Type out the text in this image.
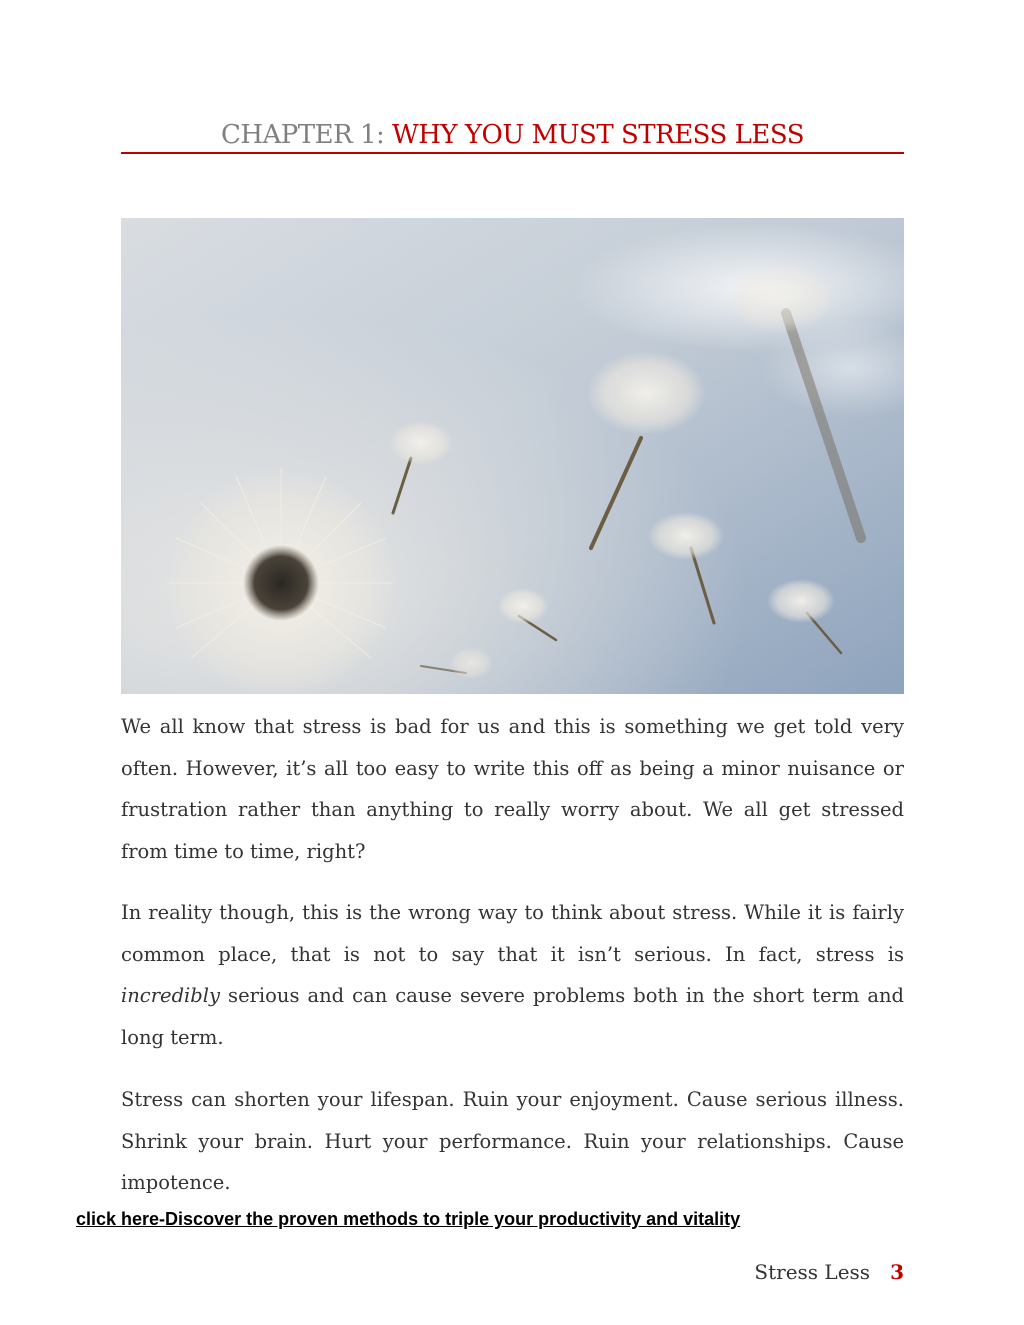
CHAPTER 1: WHY YOU MUST STRESS LESS

We all know that stress is bad for us and this is something we get told very often. However, it’s all too easy to write this off as being a minor nuisance or frustration rather than anything to really worry about. We all get stressed from time to time, right?

In reality though, this is the wrong way to think about stress. While it is fairly common place, that is not to say that it isn’t serious. In fact, stress is incredibly serious and can cause severe problems both in the short term and long term.

Stress can shorten your lifespan. Ruin your enjoyment. Cause serious illness. Shrink your brain. Hurt your performance. Ruin your relationships. Cause impotence.

click here-Discover the proven methods to triple your productivity and vitality
Stress Less 3
